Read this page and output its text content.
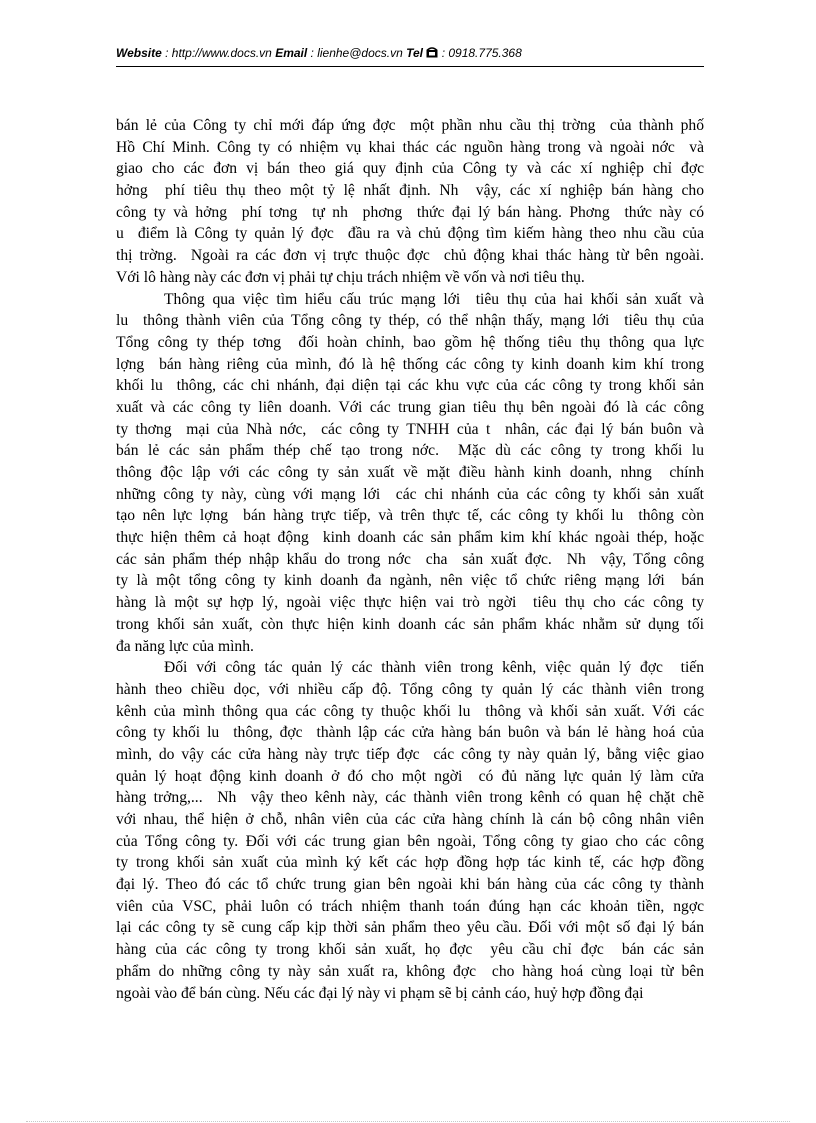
Website : http://www.docs.vn Email : lienhe@docs.vn Tel  : 0918.775.368
bán lẻ của Công ty chỉ mới đáp ứng đợc  một phần nhu cầu thị trờng  của thành phố
Hồ Chí Minh. Công ty có nhiệm vụ khai thác các nguồn hàng trong và ngoài nớc  và
giao cho các đơn vị bán theo giá quy định của Công ty và các xí nghiệp chỉ đợc
hởng  phí tiêu thụ theo một tỷ lệ nhất định. Nh  vậy, các xí nghiệp bán hàng cho
công ty và hởng  phí tơng  tự nh  phơng  thức đại lý bán hàng. Phơng  thức này có
u  điểm là Công ty quản lý đợc  đầu ra và chủ động tìm kiếm hàng theo nhu cầu của
thị trờng.  Ngoài ra các đơn vị trực thuộc đợc  chủ động khai thác hàng từ bên ngoài.
Với lô hàng này các đơn vị phải tự chịu trách nhiệm về vốn và nơi tiêu thụ.
Thông qua việc tìm hiểu cấu trúc mạng lới  tiêu thụ của hai khối sản xuất và
lu  thông thành viên của Tổng công ty thép, có thể nhận thấy, mạng lới  tiêu thụ của
Tổng công ty thép tơng  đối hoàn chỉnh, bao gồm hệ thống tiêu thụ thông qua lực
lợng  bán hàng riêng của mình, đó là hệ thống các công ty kinh doanh kim khí trong
khối lu  thông, các chi nhánh, đại diện tại các khu vực của các công ty trong khối sản
xuất và các công ty liên doanh. Với các trung gian tiêu thụ bên ngoài đó là các công
ty thơng  mại của Nhà nớc,  các công ty TNHH của t  nhân, các đại lý bán buôn và
bán lẻ các sản phẩm thép chế tạo trong nớc.  Mặc dù các công ty trong khối lu
thông độc lập với các công ty sản xuất về mặt điều hành kinh doanh, nhng  chính
những công ty này, cùng với mạng lới  các chi nhánh của các công ty khối sản xuất
tạo nên lực lợng  bán hàng trực tiếp, và trên thực tế, các công ty khối lu  thông còn
thực hiện thêm cả hoạt động  kinh doanh các sản phẩm kim khí khác ngoài thép, hoặc
các sản phẩm thép nhập khẩu do trong nớc  cha  sản xuất đợc.  Nh  vậy, Tổng công
ty là một tổng công ty kinh doanh đa ngành, nên việc tổ chức riêng mạng lới  bán
hàng là một sự hợp lý, ngoài việc thực hiện vai trò ngời  tiêu thụ cho các công ty
trong khối sản xuất, còn thực hiện kinh doanh các sản phẩm khác nhằm sử dụng tối
đa năng lực của mình.
Đối với công tác quản lý các thành viên trong kênh, việc quản lý đợc  tiến
hành theo chiều dọc, với nhiều cấp độ. Tổng công ty quản lý các thành viên trong
kênh của mình thông qua các công ty thuộc khối lu  thông và khối sản xuất. Với các
công ty khối lu  thông, đợc  thành lập các cửa hàng bán buôn và bán lẻ hàng hoá của
mình, do vậy các cửa hàng này trực tiếp đợc  các công ty này quản lý, bằng việc giao
quản lý hoạt động kinh doanh ở đó cho một ngời  có đủ năng lực quản lý làm cửa
hàng trởng,...  Nh  vậy theo kênh này, các thành viên trong kênh có quan hệ chặt chẽ
với nhau, thể hiện ở chỗ, nhân viên của các cửa hàng chính là cán bộ công nhân viên
của Tổng công ty. Đối với các trung gian bên ngoài, Tổng công ty giao cho các công
ty trong khối sản xuất của mình ký kết các hợp đồng hợp tác kinh tế, các hợp đồng
đại lý. Theo đó các tổ chức trung gian bên ngoài khi bán hàng của các công ty thành
viên của VSC, phải luôn có trách nhiệm thanh toán đúng hạn các khoản tiền, ngợc
lại các công ty sẽ cung cấp kịp thời sản phẩm theo yêu cầu. Đối với một số đại lý bán
hàng của các công ty trong khối sản xuất, họ đợc  yêu cầu chỉ đợc  bán các sản
phẩm do những công ty này sản xuất ra, không đợc  cho hàng hoá cùng loại từ bên
ngoài vào để bán cùng. Nếu các đại lý này vi phạm sẽ bị cảnh cáo, huỷ hợp đồng đại
